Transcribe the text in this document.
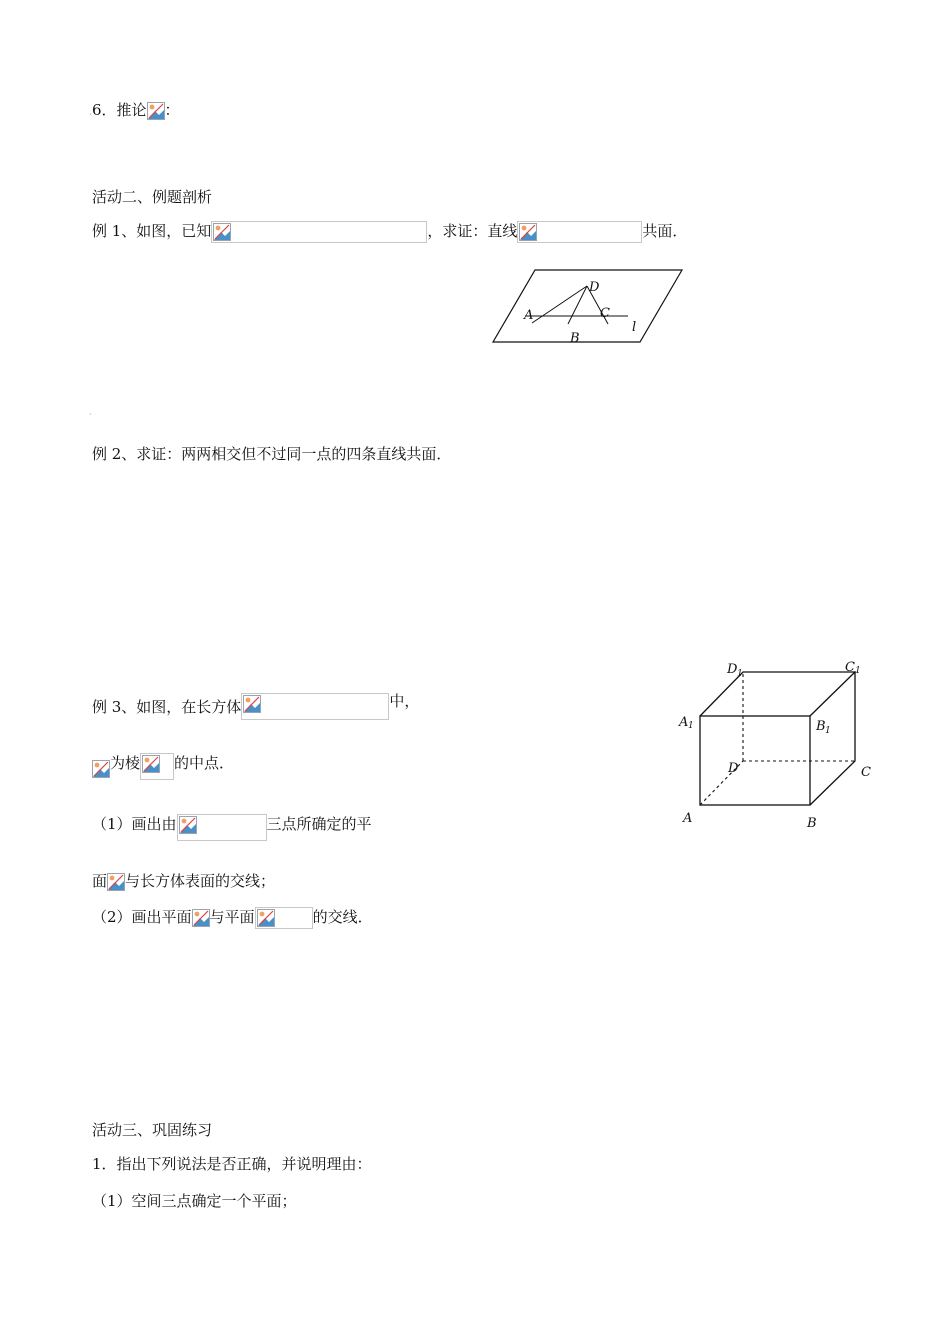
6．推论 ：
·
活动二、例题剖析
例 1、如图，已知	，求证：直线	共面．
D
A	C
B
l
·
例 2、求证：两两相交但不过同一点的四条直线共面．
例 3、如图，在长方体	中，
为棱 的中点．
（1）画出由	三点所确定的平
面 与长方体表面的交线；
（2）画出平面 与平面	的交线．
D 1	C 1
A 1	B 1
D	C
A	B
活动三、巩固练习
1．指出下列说法是否正确，并说明理由：
（1）空间三点确定一个平面；
